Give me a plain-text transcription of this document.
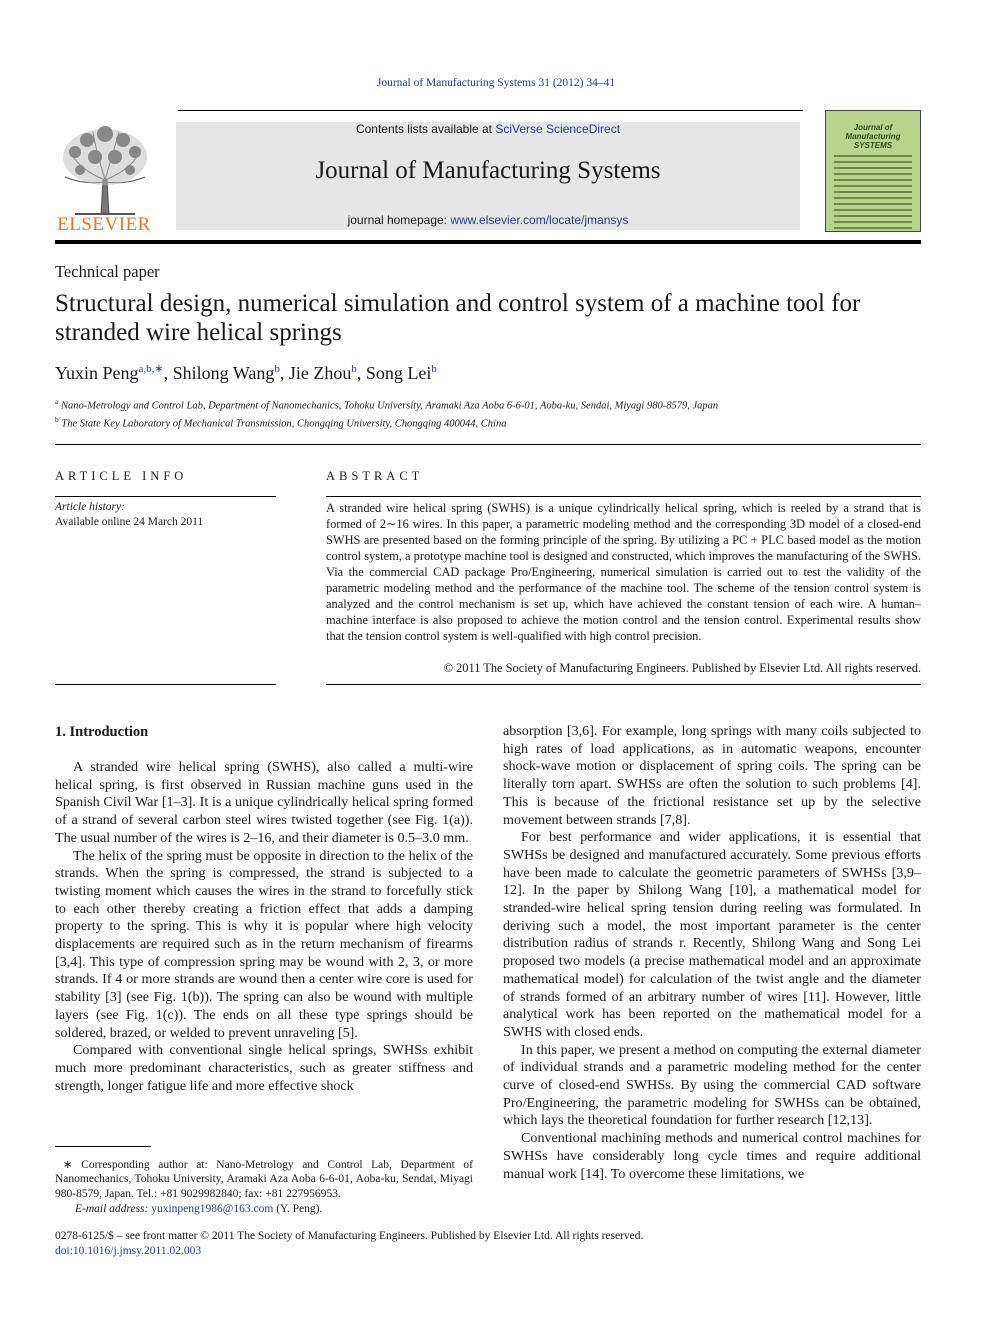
Journal of Manufacturing Systems 31 (2012) 34–41
ELSEVIER
Contents lists available at SciVerse ScienceDirect
Journal of Manufacturing Systems
journal homepage: www.elsevier.com/locate/jmansys
Journal of Manufacturing SYSTEMS
Technical paper
Structural design, numerical simulation and control system of a machine tool for stranded wire helical springs
Yuxin Peng$^{a,b,∗}$, Shilong Wang$^b$, Jie Zhou$^b$, Song Lei$^b$
$^a$ Nano-Metrology and Control Lab, Department of Nanomechanics, Tohoku University, Aramaki Aza Aoba 6-6-01, Aoba-ku, Sendai, Miyagi 980-8579, Japan
$^b$ The State Key Laboratory of Mechanical Transmission, Chongqing University, Chongqing 400044, China
ARTICLE INFO
Article history:
Available online 24 March 2011
ABSTRACT
A stranded wire helical spring (SWHS) is a unique cylindrically helical spring, which is reeled by a strand that is formed of 2∼16 wires. In this paper, a parametric modeling method and the corresponding 3D model of a closed-end SWHS are presented based on the forming principle of the spring. By utilizing a PC + PLC based model as the motion control system, a prototype machine tool is designed and constructed, which improves the manufacturing of the SWHS. Via the commercial CAD package Pro/Engineering, numerical simulation is carried out to test the validity of the parametric modeling method and the performance of the machine tool. The scheme of the tension control system is analyzed and the control mechanism is set up, which have achieved the constant tension of each wire. A human–machine interface is also proposed to achieve the motion control and the tension control. Experimental results show that the tension control system is well-qualified with high control precision.
© 2011 The Society of Manufacturing Engineers. Published by Elsevier Ltd. All rights reserved.
1. Introduction

A stranded wire helical spring (SWHS), also called a multi-wire helical spring, is first observed in Russian machine guns used in the Spanish Civil War [1–3]. It is a unique cylindrically helical spring formed of a strand of several carbon steel wires twisted together (see Fig. 1(a)). The usual number of the wires is 2–16, and their diameter is 0.5–3.0 mm.

The helix of the spring must be opposite in direction to the helix of the strands. When the spring is compressed, the strand is subjected to a twisting moment which causes the wires in the strand to forcefully stick to each other thereby creating a friction effect that adds a damping property to the spring. This is why it is popular where high velocity displacements are required such as in the return mechanism of firearms [3,4]. This type of compression spring may be wound with 2, 3, or more strands. If 4 or more strands are wound then a center wire core is used for stability [3] (see Fig. 1(b)). The spring can also be wound with multiple layers (see Fig. 1(c)). The ends on all these type springs should be soldered, brazed, or welded to prevent unraveling [5].

Compared with conventional single helical springs, SWHSs exhibit much more predominant characteristics, such as greater stiffness and strength, longer fatigue life and more effective shock

absorption [3,6]. For example, long springs with many coils subjected to high rates of load applications, as in automatic weapons, encounter shock-wave motion or displacement of spring coils. The spring can be literally torn apart. SWHSs are often the solution to such problems [4]. This is because of the frictional resistance set up by the selective movement between strands [7,8].

For best performance and wider applications, it is essential that SWHSs be designed and manufactured accurately. Some previous efforts have been made to calculate the geometric parameters of SWHSs [3,9–12]. In the paper by Shilong Wang [10], a mathematical model for stranded-wire helical spring tension during reeling was formulated. In deriving such a model, the most important parameter is the center distribution radius of strands r. Recently, Shilong Wang and Song Lei proposed two models (a precise mathematical model and an approximate mathematical model) for calculation of the twist angle and the diameter of strands formed of an arbitrary number of wires [11]. However, little analytical work has been reported on the mathematical model for a SWHS with closed ends.

In this paper, we present a method on computing the external diameter of individual strands and a parametric modeling method for the center curve of closed-end SWHSs. By using the commercial CAD software Pro/Engineering, the parametric modeling for SWHSs can be obtained, which lays the theoretical foundation for further research [12,13].

Conventional machining methods and numerical control machines for SWHSs have considerably long cycle times and require additional manual work [14]. To overcome these limitations, we

∗ Corresponding author at: Nano-Metrology and Control Lab, Department of Nanomechanics, Tohoku University, Aramaki Aza Aoba 6-6-01, Aoba-ku, Sendai, Miyagi 980-8579, Japan. Tel.: +81 9029982840; fax: +81 227956953.
E-mail address: yuxinpeng1986@163.com (Y. Peng).
0278-6125/$ – see front matter © 2011 The Society of Manufacturing Engineers. Published by Elsevier Ltd. All rights reserved.
doi:10.1016/j.jmsy.2011.02.003
